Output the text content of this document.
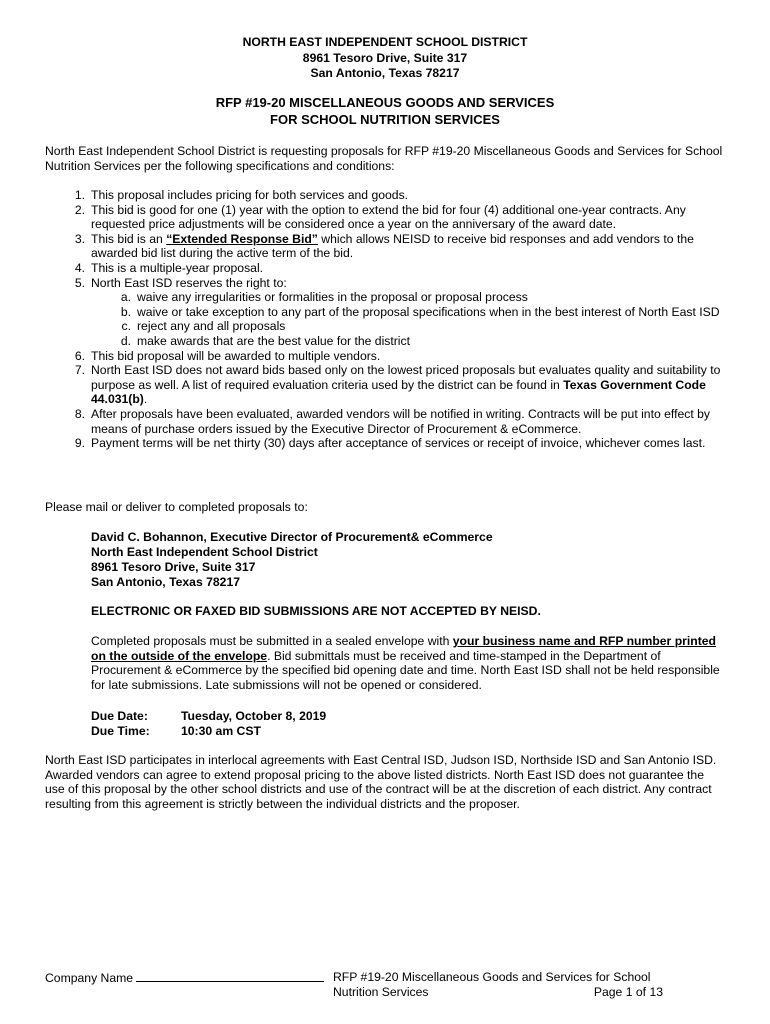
NORTH EAST INDEPENDENT SCHOOL DISTRICT
8961 Tesoro Drive, Suite 317
San Antonio, Texas 78217
RFP #19-20 MISCELLANEOUS GOODS AND SERVICES
FOR SCHOOL NUTRITION SERVICES
North East Independent School District is requesting proposals for RFP #19-20 Miscellaneous Goods and Services for School Nutrition Services per the following specifications and conditions:
1. This proposal includes pricing for both services and goods.
2. This bid is good for one (1) year with the option to extend the bid for four (4) additional one-year contracts. Any requested price adjustments will be considered once a year on the anniversary of the award date.
3. This bid is an “Extended Response Bid” which allows NEISD to receive bid responses and add vendors to the awarded bid list during the active term of the bid.
4. This is a multiple-year proposal.
5. North East ISD reserves the right to:
a. waive any irregularities or formalities in the proposal or proposal process
b. waive or take exception to any part of the proposal specifications when in the best interest of North East ISD
c. reject any and all proposals
d. make awards that are the best value for the district
6. This bid proposal will be awarded to multiple vendors.
7. North East ISD does not award bids based only on the lowest priced proposals but evaluates quality and suitability to purpose as well. A list of required evaluation criteria used by the district can be found in Texas Government Code 44.031(b).
8. After proposals have been evaluated, awarded vendors will be notified in writing. Contracts will be put into effect by means of purchase orders issued by the Executive Director of Procurement & eCommerce.
9. Payment terms will be net thirty (30) days after acceptance of services or receipt of invoice, whichever comes last.
Please mail or deliver to completed proposals to:
David C. Bohannon, Executive Director of Procurement& eCommerce
North East Independent School District
8961 Tesoro Drive, Suite 317
San Antonio, Texas 78217
ELECTRONIC OR FAXED BID SUBMISSIONS ARE NOT ACCEPTED BY NEISD.
Completed proposals must be submitted in a sealed envelope with your business name and RFP number printed on the outside of the envelope. Bid submittals must be received and time-stamped in the Department of Procurement & eCommerce by the specified bid opening date and time. North East ISD shall not be held responsible for late submissions. Late submissions will not be opened or considered.
Due Date:	Tuesday, October 8, 2019
Due Time:	10:30 am CST
North East ISD participates in interlocal agreements with East Central ISD, Judson ISD, Northside ISD and San Antonio ISD. Awarded vendors can agree to extend proposal pricing to the above listed districts. North East ISD does not guarantee the use of this proposal by the other school districts and use of the contract will be at the discretion of each district. Any contract resulting from this agreement is strictly between the individual districts and the proposer.
Company Name	RFP #19-20 Miscellaneous Goods and Services for School
Nutrition Services	Page 1 of 13
